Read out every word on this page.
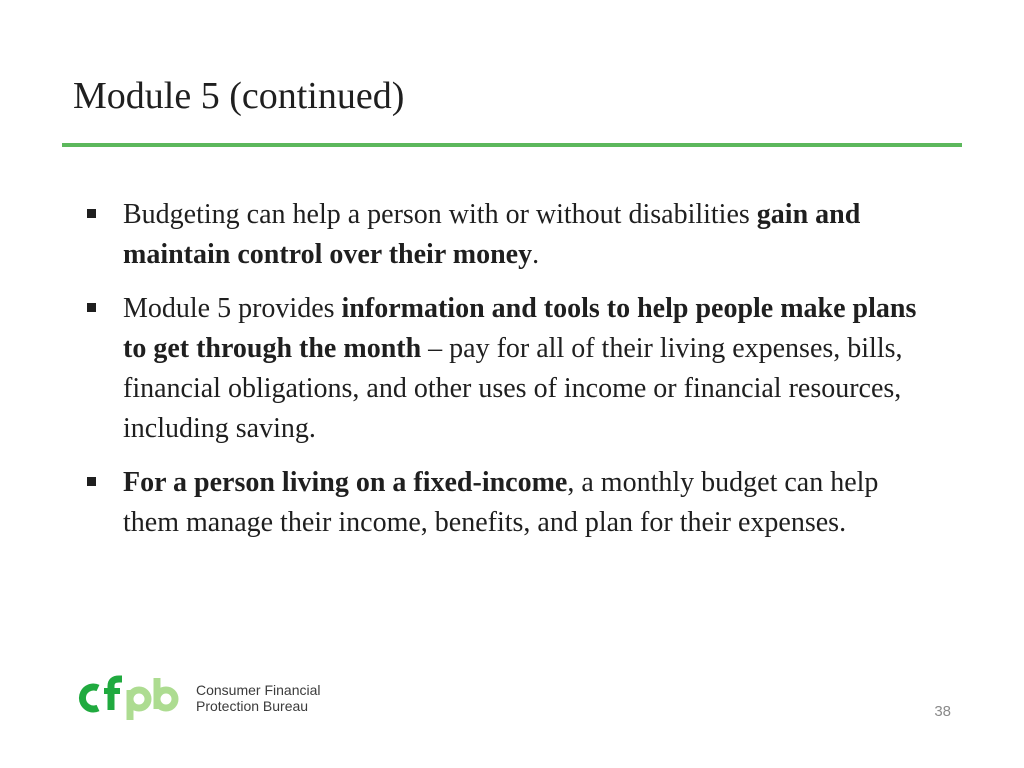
Module 5 (continued)
Budgeting can help a person with or without disabilities gain and maintain control over their money.
Module 5 provides information and tools to help people make plans to get through the month – pay for all of their living expenses, bills, financial obligations, and other uses of income or financial resources, including saving.
For a person living on a fixed-income, a monthly budget can help them manage their income, benefits, and plan for their expenses.
Consumer Financial
Protection Bureau	38
